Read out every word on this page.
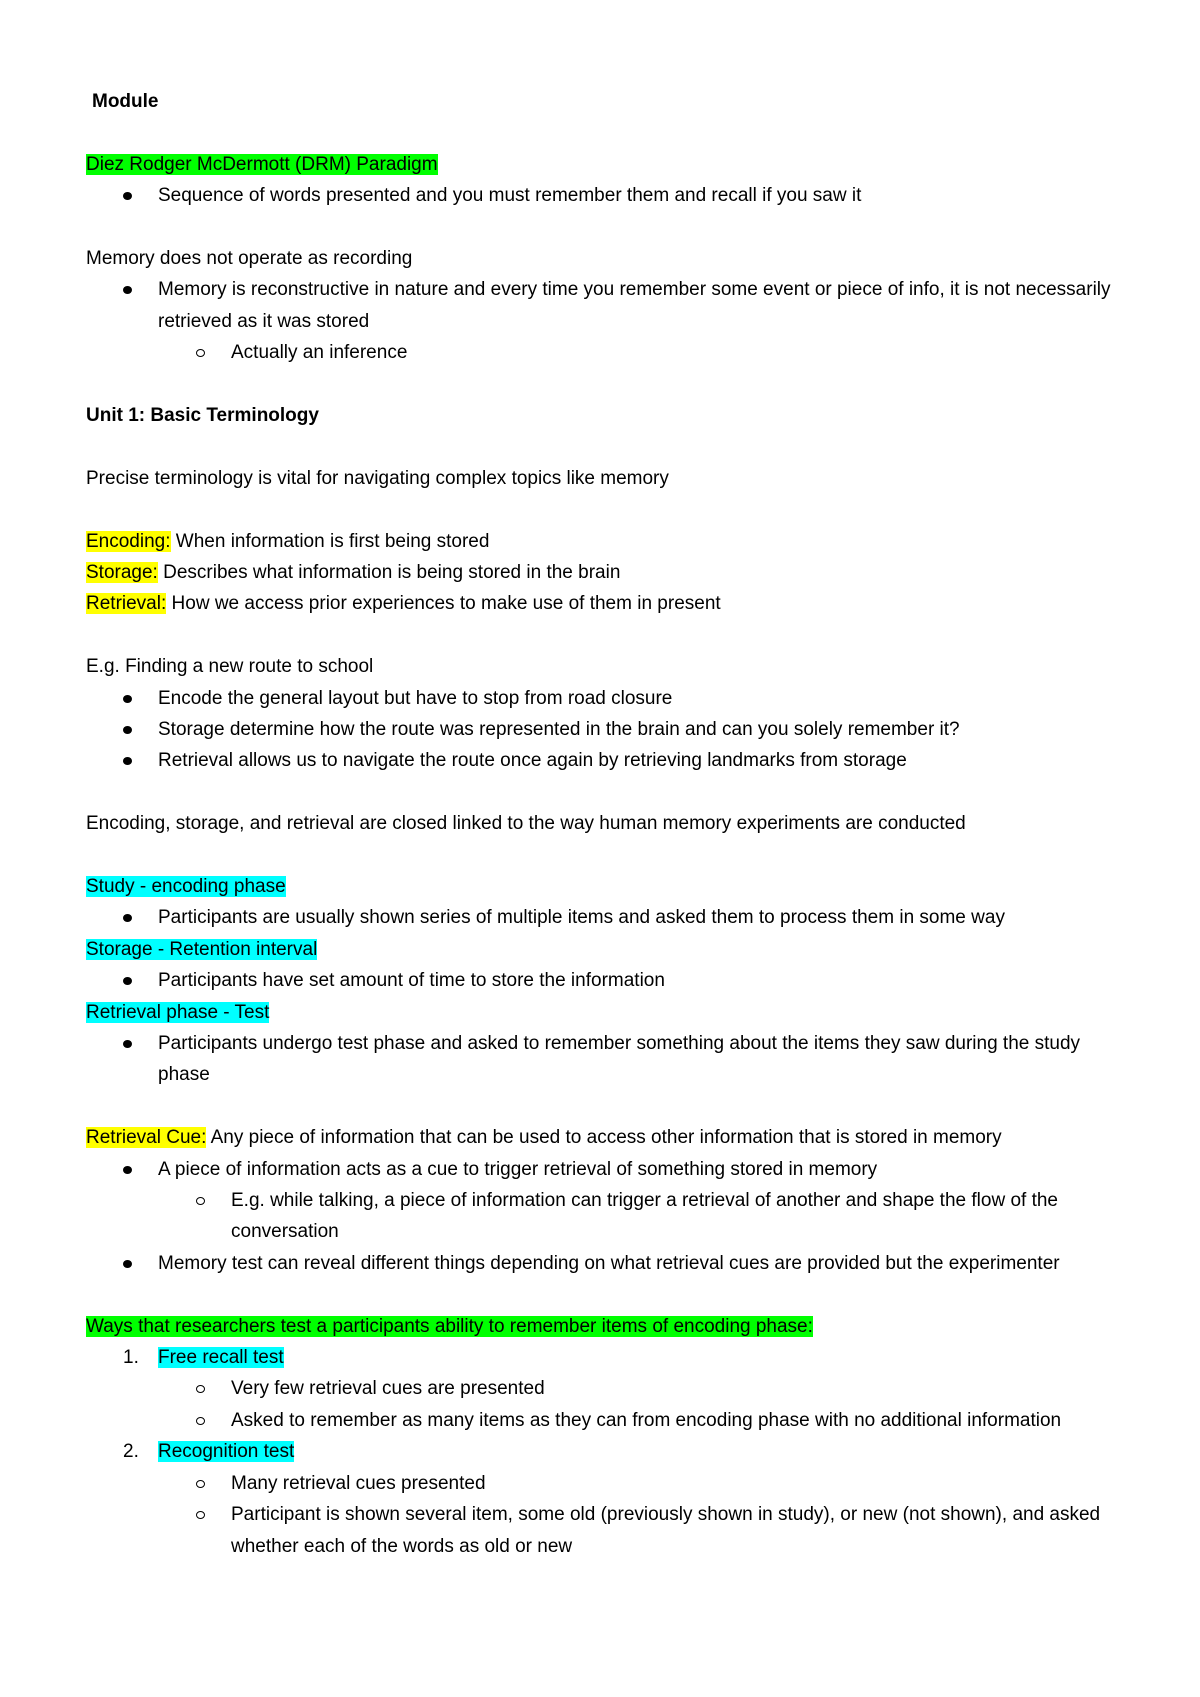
Module
Diez Rodger McDermott (DRM) Paradigm
Sequence of words presented and you must remember them and recall if you saw it
Memory does not operate as recording
Memory is reconstructive in nature and every time you remember some event or piece of info, it is not necessarily retrieved as it was stored
Actually an inference
Unit 1: Basic Terminology
Precise terminology is vital for navigating complex topics like memory
Encoding: When information is first being stored
Storage: Describes what information is being stored in the brain
Retrieval: How we access prior experiences to make use of them in present
E.g. Finding a new route to school
Encode the general layout but have to stop from road closure
Storage determine how the route was represented in the brain and can you solely remember it?
Retrieval allows us to navigate the route once again by retrieving landmarks from storage
Encoding, storage, and retrieval are closed linked to the way human memory experiments are conducted
Study - encoding phase
Participants are usually shown series of multiple items and asked them to process them in some way
Storage - Retention interval
Participants have set amount of time to store the information
Retrieval phase - Test
Participants undergo test phase and asked to remember something about the items they saw during the study phase
Retrieval Cue: Any piece of information that can be used to access other information that is stored in memory
A piece of information acts as a cue to trigger retrieval of something stored in memory
E.g. while talking, a piece of information can trigger a retrieval of another and shape the flow of the conversation
Memory test can reveal different things depending on what retrieval cues are provided but the experimenter
Ways that researchers test a participants ability to remember items of encoding phase:
1.	Free recall test
Very few retrieval cues are presented
Asked to remember as many items as they can from encoding phase with no additional information
2.	Recognition test
Many retrieval cues presented
Participant is shown several item, some old (previously shown in study), or new (not shown), and asked whether each of the words as old or new
